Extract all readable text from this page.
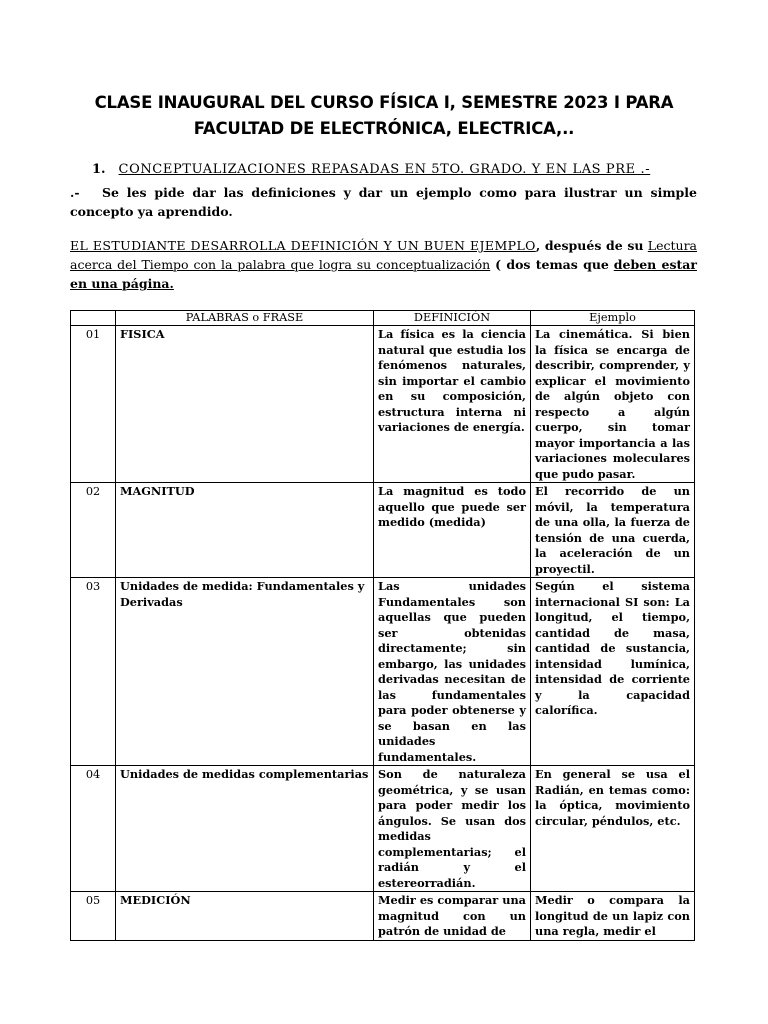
CLASE INAUGURAL DEL CURSO FÍSICA I, SEMESTRE 2023 I PARA
FACULTAD DE ELECTRÓNICA, ELECTRICA,..
1. CONCEPTUALIZACIONES REPASADAS EN 5TO. GRADO. Y EN LAS PRE .-
.- Se les pide dar las definiciones y dar un ejemplo como para ilustrar un simple concepto ya aprendido.
EL ESTUDIANTE DESARROLLA DEFINICIÓN Y UN BUEN EJEMPLO, después de su Lectura acerca del Tiempo con la palabra que logra su conceptualización ( dos temas que deben estar en una página.
	PALABRAS o FRASE	DEFINICIÓN	Ejemplo
01	FISICA	La física es la ciencia natural que estudia los fenómenos naturales, sin importar el cambio en su composición, estructura interna ni variaciones de energía.	La cinemática. Si bien la física se encarga de describir, comprender, y explicar el movimiento de algún objeto con respecto a algún cuerpo, sin tomar mayor importancia a las variaciones moleculares que pudo pasar.
02	MAGNITUD	La magnitud es todo aquello que puede ser medido (medida)	El recorrido de un móvil, la temperatura de una olla, la fuerza de tensión de una cuerda, la aceleración de un proyectil.
03	Unidades de medida: Fundamentales y Derivadas	Las unidades Fundamentales son aquellas que pueden ser obtenidas directamente; sin embargo, las unidades derivadas necesitan de las fundamentales para poder obtenerse y se basan en las unidades fundamentales.	Según el sistema internacional SI son: La longitud, el tiempo, cantidad de masa, cantidad de sustancia, intensidad lumínica, intensidad de corriente y la capacidad calorífica.
04	Unidades de medidas complementarias	Son de naturaleza geométrica, y se usan para poder medir los ángulos. Se usan dos medidas complementarias; el radián y el estereorradián.	En general se usa el Radián, en temas como: la óptica, movimiento circular, péndulos, etc.
05	MEDICIÓN	Medir es comparar una magnitud con un patrón de unidad de	Medir o compara la longitud de un lapiz con una regla, medir el
